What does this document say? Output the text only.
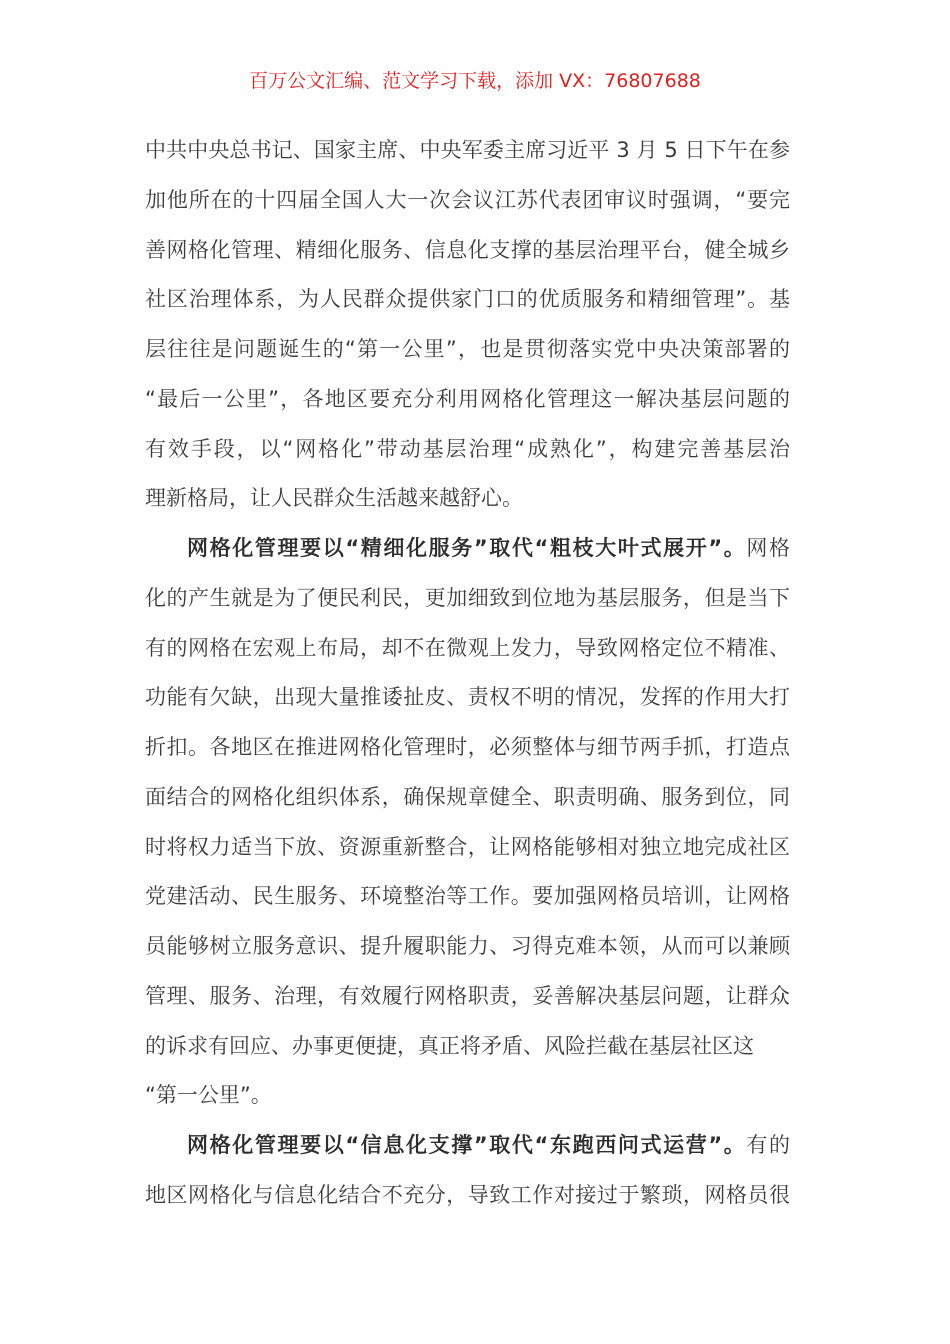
百万公文汇编、范文学习下载，添加 VX：76807688
中共中央总书记、国家主席、中央军委主席习近平 3 月 5 日下午在参
加他所在的十四届全国人大一次会议江苏代表团审议时强调，“要完
善网格化管理、精细化服务、信息化支撑的基层治理平台，健全城乡
社区治理体系，为人民群众提供家门口的优质服务和精细管理”。基
层往往是问题诞生的“第一公里”，也是贯彻落实党中央决策部署的
“最后一公里”，各地区要充分利用网格化管理这一解决基层问题的
有效手段，以“网格化”带动基层治理“成熟化”，构建完善基层治
理新格局，让人民群众生活越来越舒心。
网格化管理要以“精细化服务”取代“粗枝大叶式展开”。网格
化的产生就是为了便民利民，更加细致到位地为基层服务，但是当下
有的网格在宏观上布局，却不在微观上发力，导致网格定位不精准、
功能有欠缺，出现大量推诿扯皮、责权不明的情况，发挥的作用大打
折扣。各地区在推进网格化管理时，必须整体与细节两手抓，打造点
面结合的网格化组织体系，确保规章健全、职责明确、服务到位，同
时将权力适当下放、资源重新整合，让网格能够相对独立地完成社区
党建活动、民生服务、环境整治等工作。要加强网格员培训，让网格
员能够树立服务意识、提升履职能力、习得克难本领，从而可以兼顾
管理、服务、治理，有效履行网格职责，妥善解决基层问题，让群众
的诉求有回应、办事更便捷，真正将矛盾、风险拦截在基层社区这
“第一公里”。
网格化管理要以“信息化支撑”取代“东跑西问式运营”。有的
地区网格化与信息化结合不充分，导致工作对接过于繁琐，网格员很
